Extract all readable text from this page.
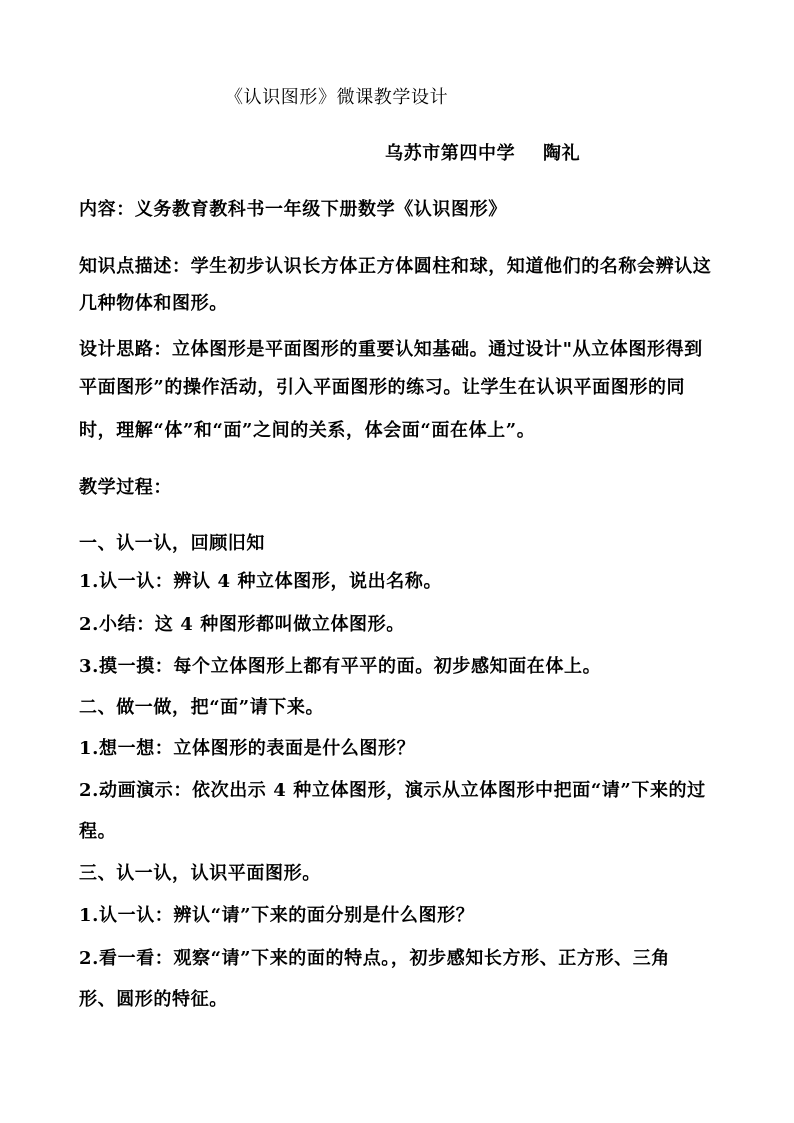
《认识图形》微课教学设计
乌苏市第四中学 陶礼
内容：义务教育教科书一年级下册数学《认识图形》
知识点描述：学生初步认识长方体正方体圆柱和球，知道他们的名称会辨认这
几种物体和图形。
设计思路：立体图形是平面图形的重要认知基础。通过设计"从立体图形得到
平面图形”的操作活动，引入平面图形的练习。让学生在认识平面图形的同
时，理解“体”和“面”之间的关系，体会面“面在体上”。
教学过程：
一、认一认，回顾旧知
1.认一认：辨认 4 种立体图形，说出名称。
2.小结：这 4 种图形都叫做立体图形。
3.摸一摸：每个立体图形上都有平平的面。初步感知面在体上。
二、做一做，把“面”请下来。
1.想一想：立体图形的表面是什么图形？
2.动画演示：依次出示 4 种立体图形，演示从立体图形中把面“请”下来的过
程。
三、认一认，认识平面图形。
1.认一认：辨认“请”下来的面分别是什么图形？
2.看一看：观察“请”下来的面的特点。，初步感知长方形、正方形、三角
形、圆形的特征。
